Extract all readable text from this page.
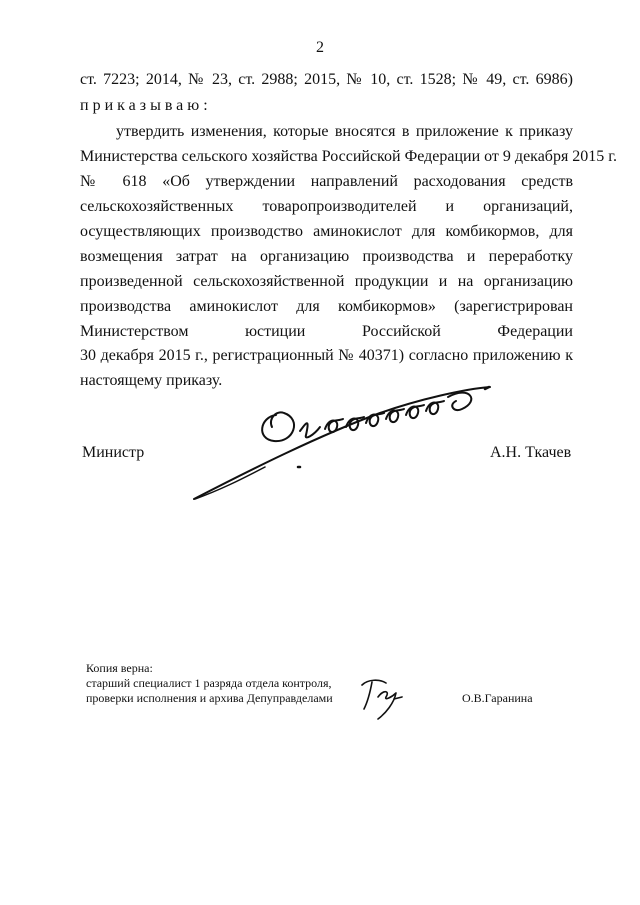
2
ст. 7223; 2014, № 23, ст. 2988; 2015, № 10, ст. 1528; № 49, ст. 6986)
приказываю:
утвердить изменения, которые вносятся в приложение к приказу
Министерства сельского хозяйства Российской Федерации от 9 декабря 2015 г.
№ 618 «Об утверждении направлений расходования средств
сельскохозяйственных товаропроизводителей и организаций,
осуществляющих производство аминокислот для комбикормов, для
возмещения затрат на организацию производства и переработку
произведенной сельскохозяйственной продукции и на организацию
производства аминокислот для комбикормов» (зарегистрирован
Министерством юстиции Российской Федерации
30 декабря 2015 г., регистрационный № 40371) согласно приложению к
настоящему приказу.
Министр	А.Н. Ткачев
Копия верна:
старший специалист 1 разряда отдела контроля,
проверки исполнения и архива Депуправделами	О.В.Гаранина
